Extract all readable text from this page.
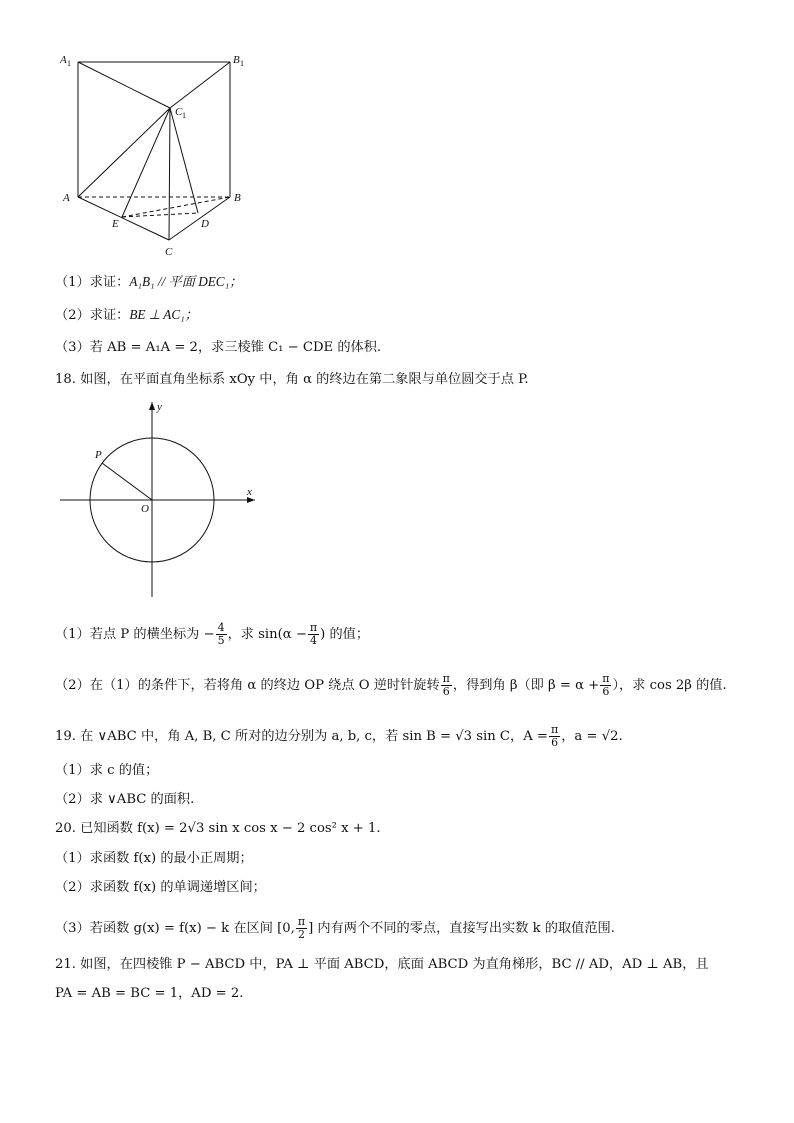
A 1	B 1
C 1
A	B
E	D
C
（1）求证：A₁B₁ // 平面 DEC₁；
（2）求证：BE ⊥ AC₁；
（3）若 AB = A₁A = 2，求三棱锥 C₁ − CDE 的体积.
18. 如图，在平面直角坐标系 xOy 中，角 α 的终边在第二象限与单位圆交于点 P.
x
y
O
P
（1）若点 P 的横坐标为 − $\frac{4}{5}$ ，求 $\sin(\alpha - \frac{\pi}{4}$ ) 的值；
（2）在（1）的条件下，若将角 α 的终边 OP 绕点 O 逆时针旋转 $\frac{\pi}{6}$ ，得到角 β（即 $\beta = \alpha + \frac{\pi}{6}$ ），求 cos 2β 的值.
19. 在 ∨ABC 中，角 A, B, C 所对的边分别为 a, b, c，若 sin B = √3 sin C，$A = \frac{\pi}{6}$ ，a = √2.
（1）求 c 的值；
（2）求 ∨ABC 的面积.
20. 已知函数 f(x) = 2√3 sin x cos x − 2 cos² x + 1.
（1）求函数 f(x) 的最小正周期；
（2）求函数 f(x) 的单调递增区间；
（3）若函数 g(x) = f(x) − k 在区间 [0, $\frac{\pi}{2}$ ] 内有两个不同的零点，直接写出实数 k 的取值范围.
21. 如图，在四棱锥 P − ABCD 中，PA ⊥ 平面 ABCD，底面 ABCD 为直角梯形，BC // AD，AD ⊥ AB，且
PA = AB = BC = 1，AD = 2.
